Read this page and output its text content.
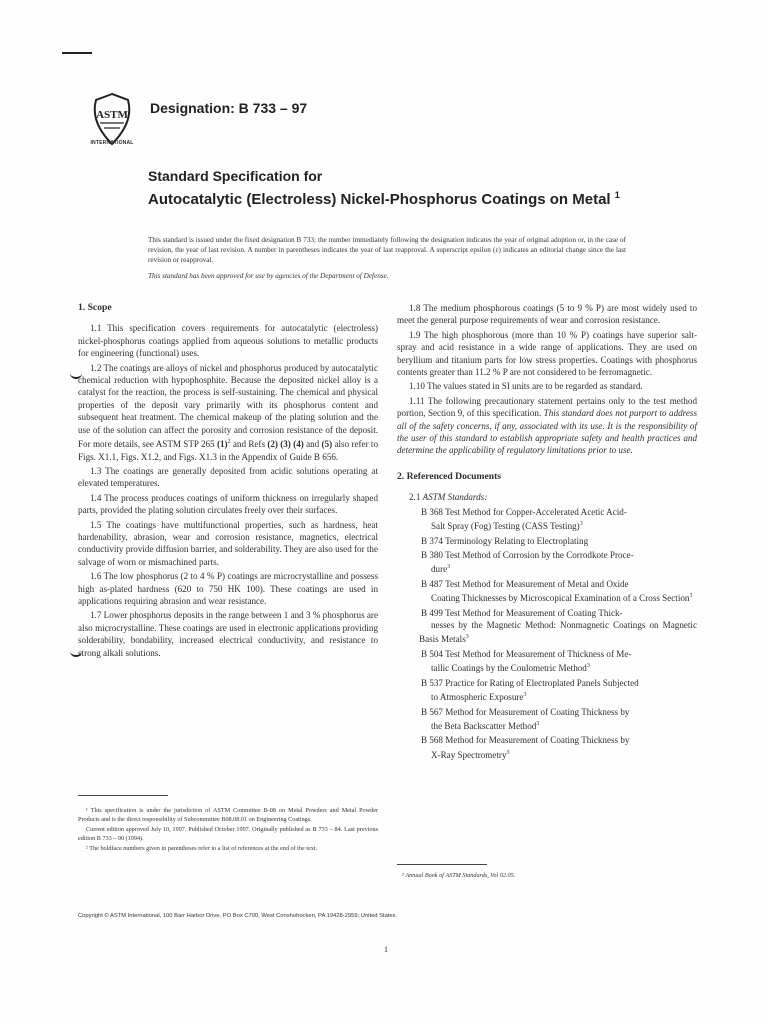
ASTM
INTERNATIONAL
Designation: B 733 – 97
Standard Specification for
Autocatalytic (Electroless) Nickel-Phosphorus Coatings on Metal $^1$

This standard is issued under the fixed designation B 733; the number immediately following the designation indicates the year of original adoption or, in the case of revision, the year of last revision. A number in parentheses indicates the year of last reapproval. A superscript epsilon (ε) indicates an editorial change since the last revision or reapproval.

This standard has been approved for use by agencies of the Department of Defense.

1. Scope

1.1 This specification covers requirements for autocatalytic (electroless) nickel-phosphorus coatings applied from aqueous solutions to metallic products for engineering (functional) uses.

1.2 The coatings are alloys of nickel and phosphorus produced by autocatalytic chemical reduction with hypophosphite. Because the deposited nickel alloy is a catalyst for the reaction, the process is self-sustaining. The chemical and physical properties of the deposit vary primarily with its phosphorus content and subsequent heat treatment. The chemical makeup of the plating solution and the use of the solution can affect the porosity and corrosion resistance of the deposit. For more details, see ASTM STP 265 $(1)^2$ and Refs (2) (3) (4) and (5) also refer to Figs. X1.1, Figs. X1.2, and Figs. X1.3 in the Appendix of Guide B 656.

1.3 The coatings are generally deposited from acidic solutions operating at elevated temperatures.

1.4 The process produces coatings of uniform thickness on irregularly shaped parts, provided the plating solution circulates freely over their surfaces.

1.5 The coatings have multifunctional properties, such as hardness, heat hardenability, abrasion, wear and corrosion resistance, magnetics, electrical conductivity provide diffusion barrier, and solderability. They are also used for the salvage of worn or mismachined parts.

1.6 The low phosphorus (2 to 4 % P) coatings are microcrystalline and possess high as-plated hardness (620 to 750 HK 100). These coatings are used in applications requiring abrasion and wear resistance.

1.7 Lower phosphorus deposits in the range between 1 and 3 % phosphorus are also microcrystalline. These coatings are used in electronic applications providing solderability, bondability, increased electrical conductivity, and resistance to strong alkali solutions.

1.8 The medium phosphorous coatings (5 to 9 % P) are most widely used to meet the general purpose requirements of wear and corrosion resistance.

1.9 The high phosphorous (more than 10 % P) coatings have superior salt-spray and acid resistance in a wide range of applications. They are used on beryllium and titanium parts for low stress properties. Coatings with phosphorus contents greater than 11.2 % P are not considered to be ferromagnetic.

1.10 The values stated in SI units are to be regarded as standard.

1.11 The following precautionary statement pertains only to the test method portion, Section 9, of this specification. This standard does not purport to address all of the safety concerns, if any, associated with its use. It is the responsibility of the user of this standard to establish appropriate safety and health practices and determine the applicability of regulatory limitations prior to use.

2. Referenced Documents

2.1 ASTM Standards:

B 368 Test Method for Copper-Accelerated Acetic Acid-
Salt Spray (Fog) Testing (CASS Testing)$^3$

B 374 Terminology Relating to Electroplating

B 380 Test Method of Corrosion by the Corrodkote Proce-
dure$^3$

B 487 Test Method for Measurement of Metal and Oxide
Coating Thicknesses by Microscopical Examination of a Cross Section$^3$

B 499 Test Method for Measurement of Coating Thick-
nesses by the Magnetic Method: Nonmagnetic Coatings on Magnetic Basis Metals$^3$

B 504 Test Method for Measurement of Thickness of Me-
tallic Coatings by the Coulometric Method$^3$

B 537 Practice for Rating of Electroplated Panels Subjected
to Atmospheric Exposure$^3$

B 567 Method for Measurement of Coating Thickness by
the Beta Backscatter Method$^3$

B 568 Method for Measurement of Coating Thickness by
X-Ray Spectrometry$^3$

¹ This specification is under the jurisdiction of ASTM Committee B-08 on Metal Powders and Metal Powder Products and is the direct responsibility of Subcommittee B08.08.01 on Engineering Coatings.

Current edition approved July 10, 1997. Published October 1997. Originally published as B 733 – 84. Last previous edition B 733 – 90 (1994).

² The boldface numbers given in parentheses refer to a list of references at the end of the text.

³ Annual Book of ASTM Standards, Vol 02.05.
Copyright © ASTM International, 100 Barr Harbor Drive, PO Box C700, West Conshohocken, PA 19428-2959, United States.
1
